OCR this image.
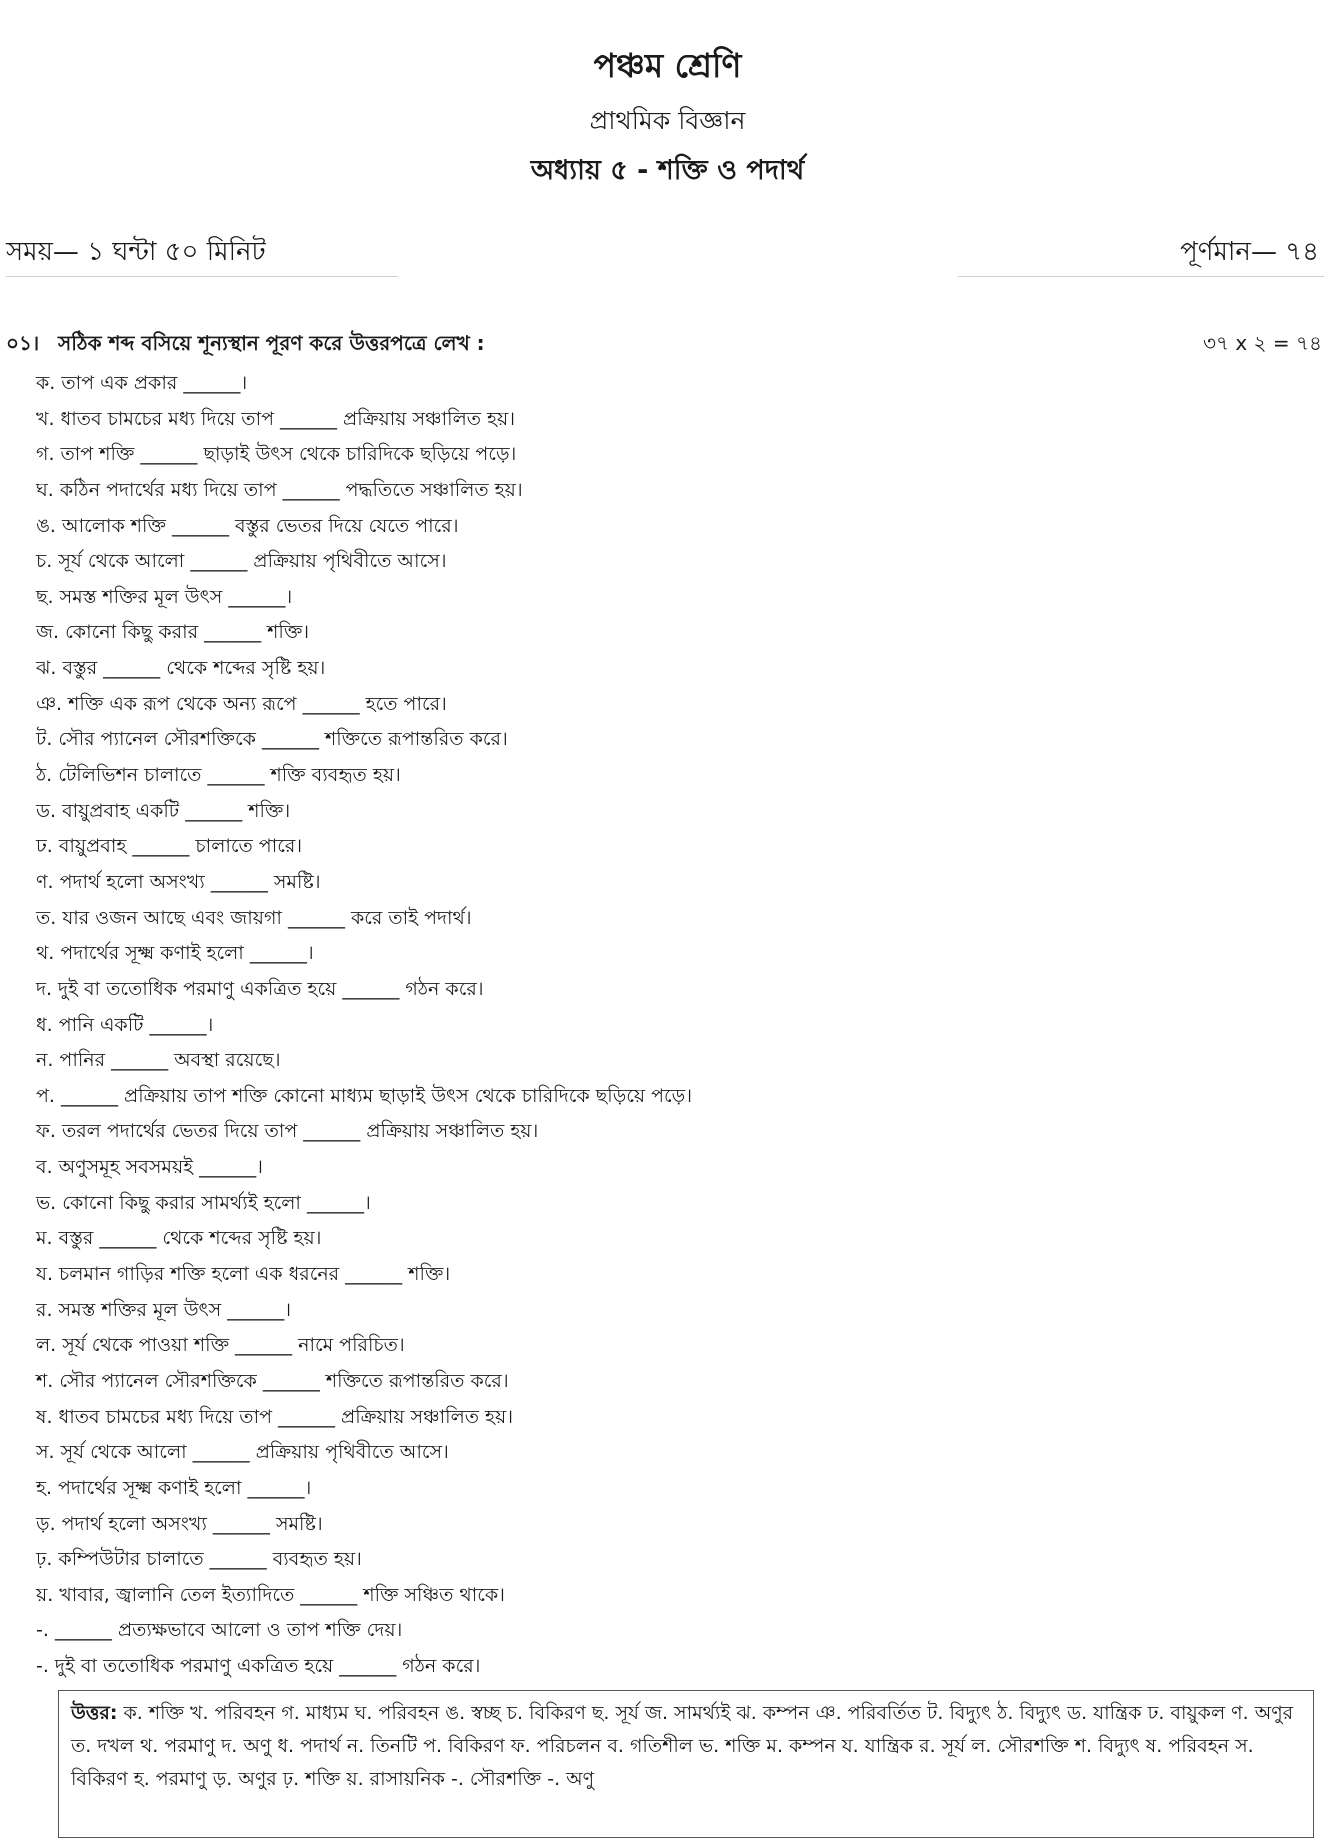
পঞ্চম শ্রেণি
প্রাথমিক বিজ্ঞান
অধ্যায় ৫ - শক্তি ও পদার্থ
সময়— ১ ঘন্টা ৫০ মিনিট	পূর্ণমান— ৭৪
০১। সঠিক শব্দ বসিয়ে শূন্যস্থান পূরণ করে উত্তরপত্রে লেখ :	৩৭ x ২ = ৭৪
ক. তাপ এক প্রকার ______।
খ. ধাতব চামচের মধ্য দিয়ে তাপ ______ প্রক্রিয়ায় সঞ্চালিত হয়।
গ. তাপ শক্তি ______ ছাড়াই উৎস থেকে চারিদিকে ছড়িয়ে পড়ে।
ঘ. কঠিন পদার্থের মধ্য দিয়ে তাপ ______ পদ্ধতিতে সঞ্চালিত হয়।
ঙ. আলোক শক্তি ______ বস্তুর ভেতর দিয়ে যেতে পারে।
চ. সূর্য থেকে আলো ______ প্রক্রিয়ায় পৃথিবীতে আসে।
ছ. সমস্ত শক্তির মূল উৎস ______।
জ. কোনো কিছু করার ______ শক্তি।
ঝ. বস্তুর ______ থেকে শব্দের সৃষ্টি হয়।
ঞ. শক্তি এক রূপ থেকে অন্য রূপে ______ হতে পারে।
ট. সৌর প্যানেল সৌরশক্তিকে ______ শক্তিতে রূপান্তরিত করে।
ঠ. টেলিভিশন চালাতে ______ শক্তি ব্যবহৃত হয়।
ড. বায়ুপ্রবাহ একটি ______ শক্তি।
ঢ. বায়ুপ্রবাহ ______ চালাতে পারে।
ণ. পদার্থ হলো অসংখ্য ______ সমষ্টি।
ত. যার ওজন আছে এবং জায়গা ______ করে তাই পদার্থ।
থ. পদার্থের সূক্ষ্ম কণাই হলো ______।
দ. দুই বা ততোধিক পরমাণু একত্রিত হয়ে ______ গঠন করে।
ধ. পানি একটি ______।
ন. পানির ______ অবস্থা রয়েছে।
প. ______ প্রক্রিয়ায় তাপ শক্তি কোনো মাধ্যম ছাড়াই উৎস থেকে চারিদিকে ছড়িয়ে পড়ে।
ফ. তরল পদার্থের ভেতর দিয়ে তাপ ______ প্রক্রিয়ায় সঞ্চালিত হয়।
ব. অণুসমূহ সবসময়ই ______।
ভ. কোনো কিছু করার সামর্থ্যই হলো ______।
ম. বস্তুর ______ থেকে শব্দের সৃষ্টি হয়।
য. চলমান গাড়ির শক্তি হলো এক ধরনের ______ শক্তি।
র. সমস্ত শক্তির মূল উৎস ______।
ল. সূর্য থেকে পাওয়া শক্তি ______ নামে পরিচিত।
শ. সৌর প্যানেল সৌরশক্তিকে ______ শক্তিতে রূপান্তরিত করে।
ষ. ধাতব চামচের মধ্য দিয়ে তাপ ______ প্রক্রিয়ায় সঞ্চালিত হয়।
স. সূর্য থেকে আলো ______ প্রক্রিয়ায় পৃথিবীতে আসে।
হ. পদার্থের সূক্ষ্ম কণাই হলো ______।
ড়. পদার্থ হলো অসংখ্য ______ সমষ্টি।
ঢ়. কম্পিউটার চালাতে ______ ব্যবহৃত হয়।
য়. খাবার, জ্বালানি তেল ইত্যাদিতে ______ শক্তি সঞ্চিত থাকে।
-. ______ প্রত্যক্ষভাবে আলো ও তাপ শক্তি দেয়।
-. দুই বা ততোধিক পরমাণু একত্রিত হয়ে ______ গঠন করে।
উত্তর: ক. শক্তি খ. পরিবহন গ. মাধ্যম ঘ. পরিবহন ঙ. স্বচ্ছ চ. বিকিরণ ছ. সূর্য জ. সামর্থ্যই ঝ. কম্পন ঞ. পরিবর্তিত ট. বিদ্যুৎ ঠ. বিদ্যুৎ ড. যান্ত্রিক ঢ. বায়ুকল ণ. অণুর ত. দখল থ. পরমাণু দ. অণু ধ. পদার্থ ন. তিনটি প. বিকিরণ ফ. পরিচলন ব. গতিশীল ভ. শক্তি ম. কম্পন য. যান্ত্রিক র. সূর্য ল. সৌরশক্তি শ. বিদ্যুৎ ষ. পরিবহন স. বিকিরণ হ. পরমাণু ড়. অণুর ঢ়. শক্তি য়. রাসায়নিক -. সৌরশক্তি -. অণু
